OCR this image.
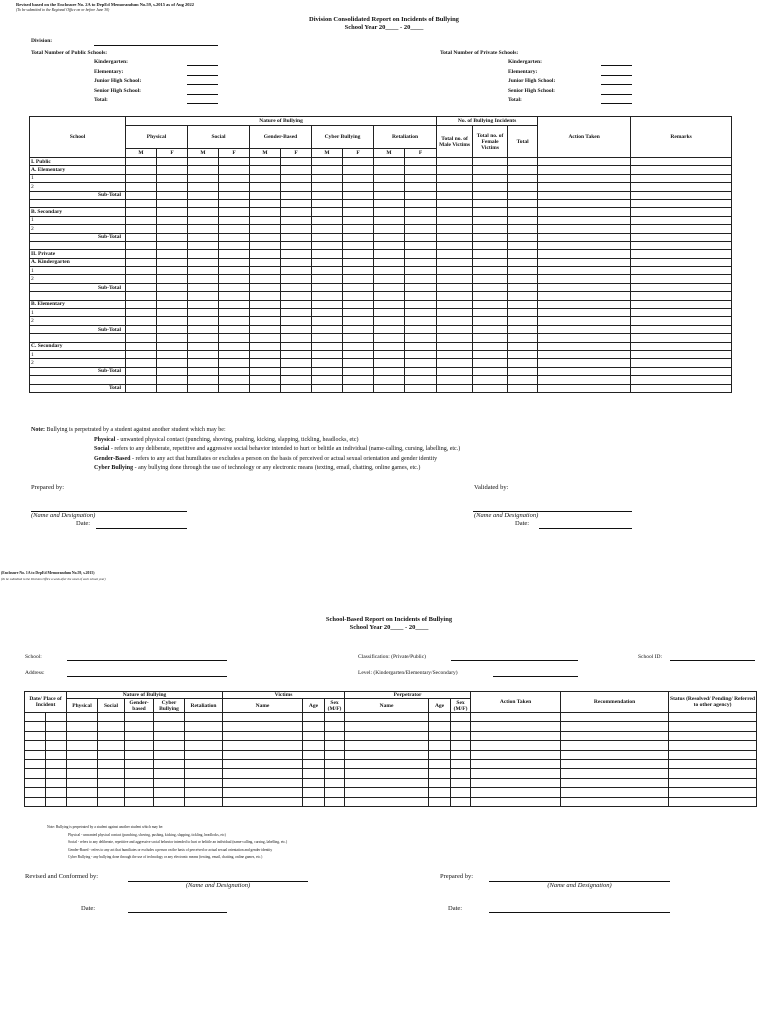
Revised based on the Enclosure No. 2A to DepEd Memorandum No.59, s.2015 as of Aug 2022
(To be submitted to the Regional Office on or before June 30)
Division Consolidated Report on Incidents of Bullying
School Year 20____ - 20____
Division:
Total Number of Public Schools:
Kindergarten:
Elementary:
Junior High School:
Senior High School:
Total:
Total Number of Private Schools:
Kindergarten:
Elementary:
Junior High School:
Senior High School:
Total:
School	Nature of Bullying										No. of Bullying Incidents			Action Taken	Remarks
	Physical		Social		Gender-Based		Cyber Bullying		Retaliation		Total no. of Male Victims	Total no. of Female Victims	Total		
	M	F	M	F	M	F	M	F	M	F					
I. Public															
A. Elementary															
1															
2															
Sub-Total															

B. Secondary															
1															
2															
Sub-Total															

II. Private															
A. Kindergarten															
1															
2															
Sub-Total															

B. Elementary															
1															
2															
Sub-Total															

C. Secondary															
1															
2															
Sub-Total															

Total															
Note: Bullying is perpetrated by a student against another student which may be:
Physical - unwanted physical contact (punching, shoving, pushing, kicking, slapping, tickling, headlocks, etc)
Social - refers to any deliberate, repetitive and aggressive social behavior intended to hurt or belittle an individual (name-calling, cursing, labelling, etc.)
Gender-Based - refers to any act that humiliates or excludes a person on the basis of perceived or actual sexual orientation and gender identity
Cyber Bullying - any bullying done through the use of technology or any electronic means (texting, email, chatting, online games, etc.)
Prepared by:
(Name and Designation)
Date:
Validated by:
(Name and Designation)
Date:
(Enclosure No. 1A to DepEd Memorandum No.59, s.2015)
(To be submitted to the Division Office a week after the onset of each school year)
School-Based Report on Incidents of Bullying
School Year 20____ - 20____
School:
Address:
Classification: (Private/Public)
Level: (Kindergarten/Elementary/Secondary)
School ID:
Date/ Place of Incident		Nature of Bullying					Victims			Perpetrator			Action Taken	Recommendation	Status (Resolved/ Pending/ Referred to other agency)
		Physical	Social	Gender-based	Cyber Bullying	Retaliation	Name	Age	Sex (M/F)	Name	Age	Sex (M/F)			

Note: Bullying is perpetrated by a student against another student which may be:
Physical - unwanted physical contact (punching, shoving, pushing, kicking, slapping, tickling, headlocks, etc)
Social - refers to any deliberate, repetitive and aggressive social behavior intended to hurt or belittle an individual (name-calling, cursing, labelling, etc.)
Gender-Based - refers to any act that humiliates or excludes a person on the basis of perceived or actual sexual orientation and gender identity
Cyber Bullying - any bullying done through the use of technology or any electronic means (texting, email, chatting, online games, etc.)
Revised and Conformed by:
(Name and Designation)
Date:
Prepared by:
(Name and Designation)
Date:
